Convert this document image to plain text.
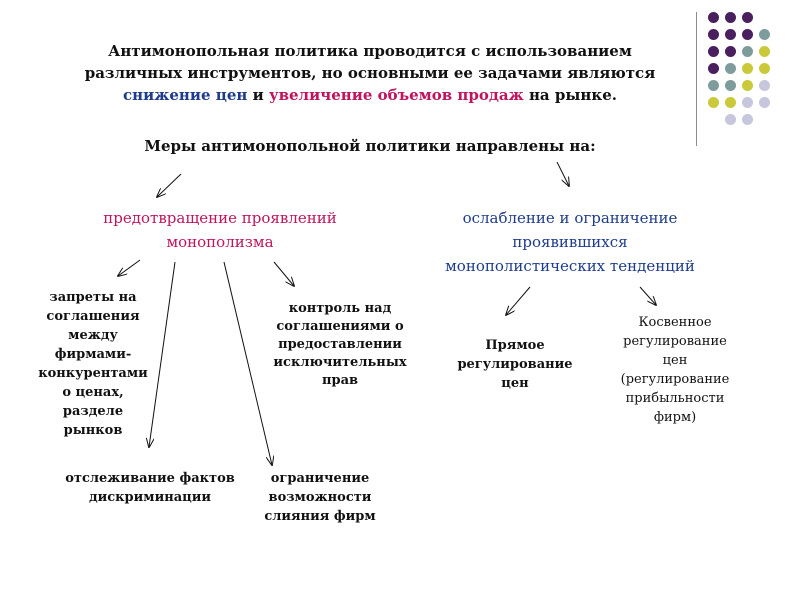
Антимонопольная политика проводится с использованием
различных инструментов, но основными ее задачами являются
снижение цен и увеличение объемов продаж на рынке.
Меры антимонопольной политики направлены на:
предотвращение проявлений
монополизма
ослабление и ограничение
проявившихся
монополистических тенденций
запреты на
соглашения
между
фирмами-
конкурентами
о ценах,
разделе
рынков
контроль над
соглашениями о
предоставлении
исключительных
прав
отслеживание фактов
дискриминации
ограничение
возможности
слияния фирм
Прямое
регулирование
цен
Косвенное
регулирование
цен
(регулирование
прибыльности
фирм)
